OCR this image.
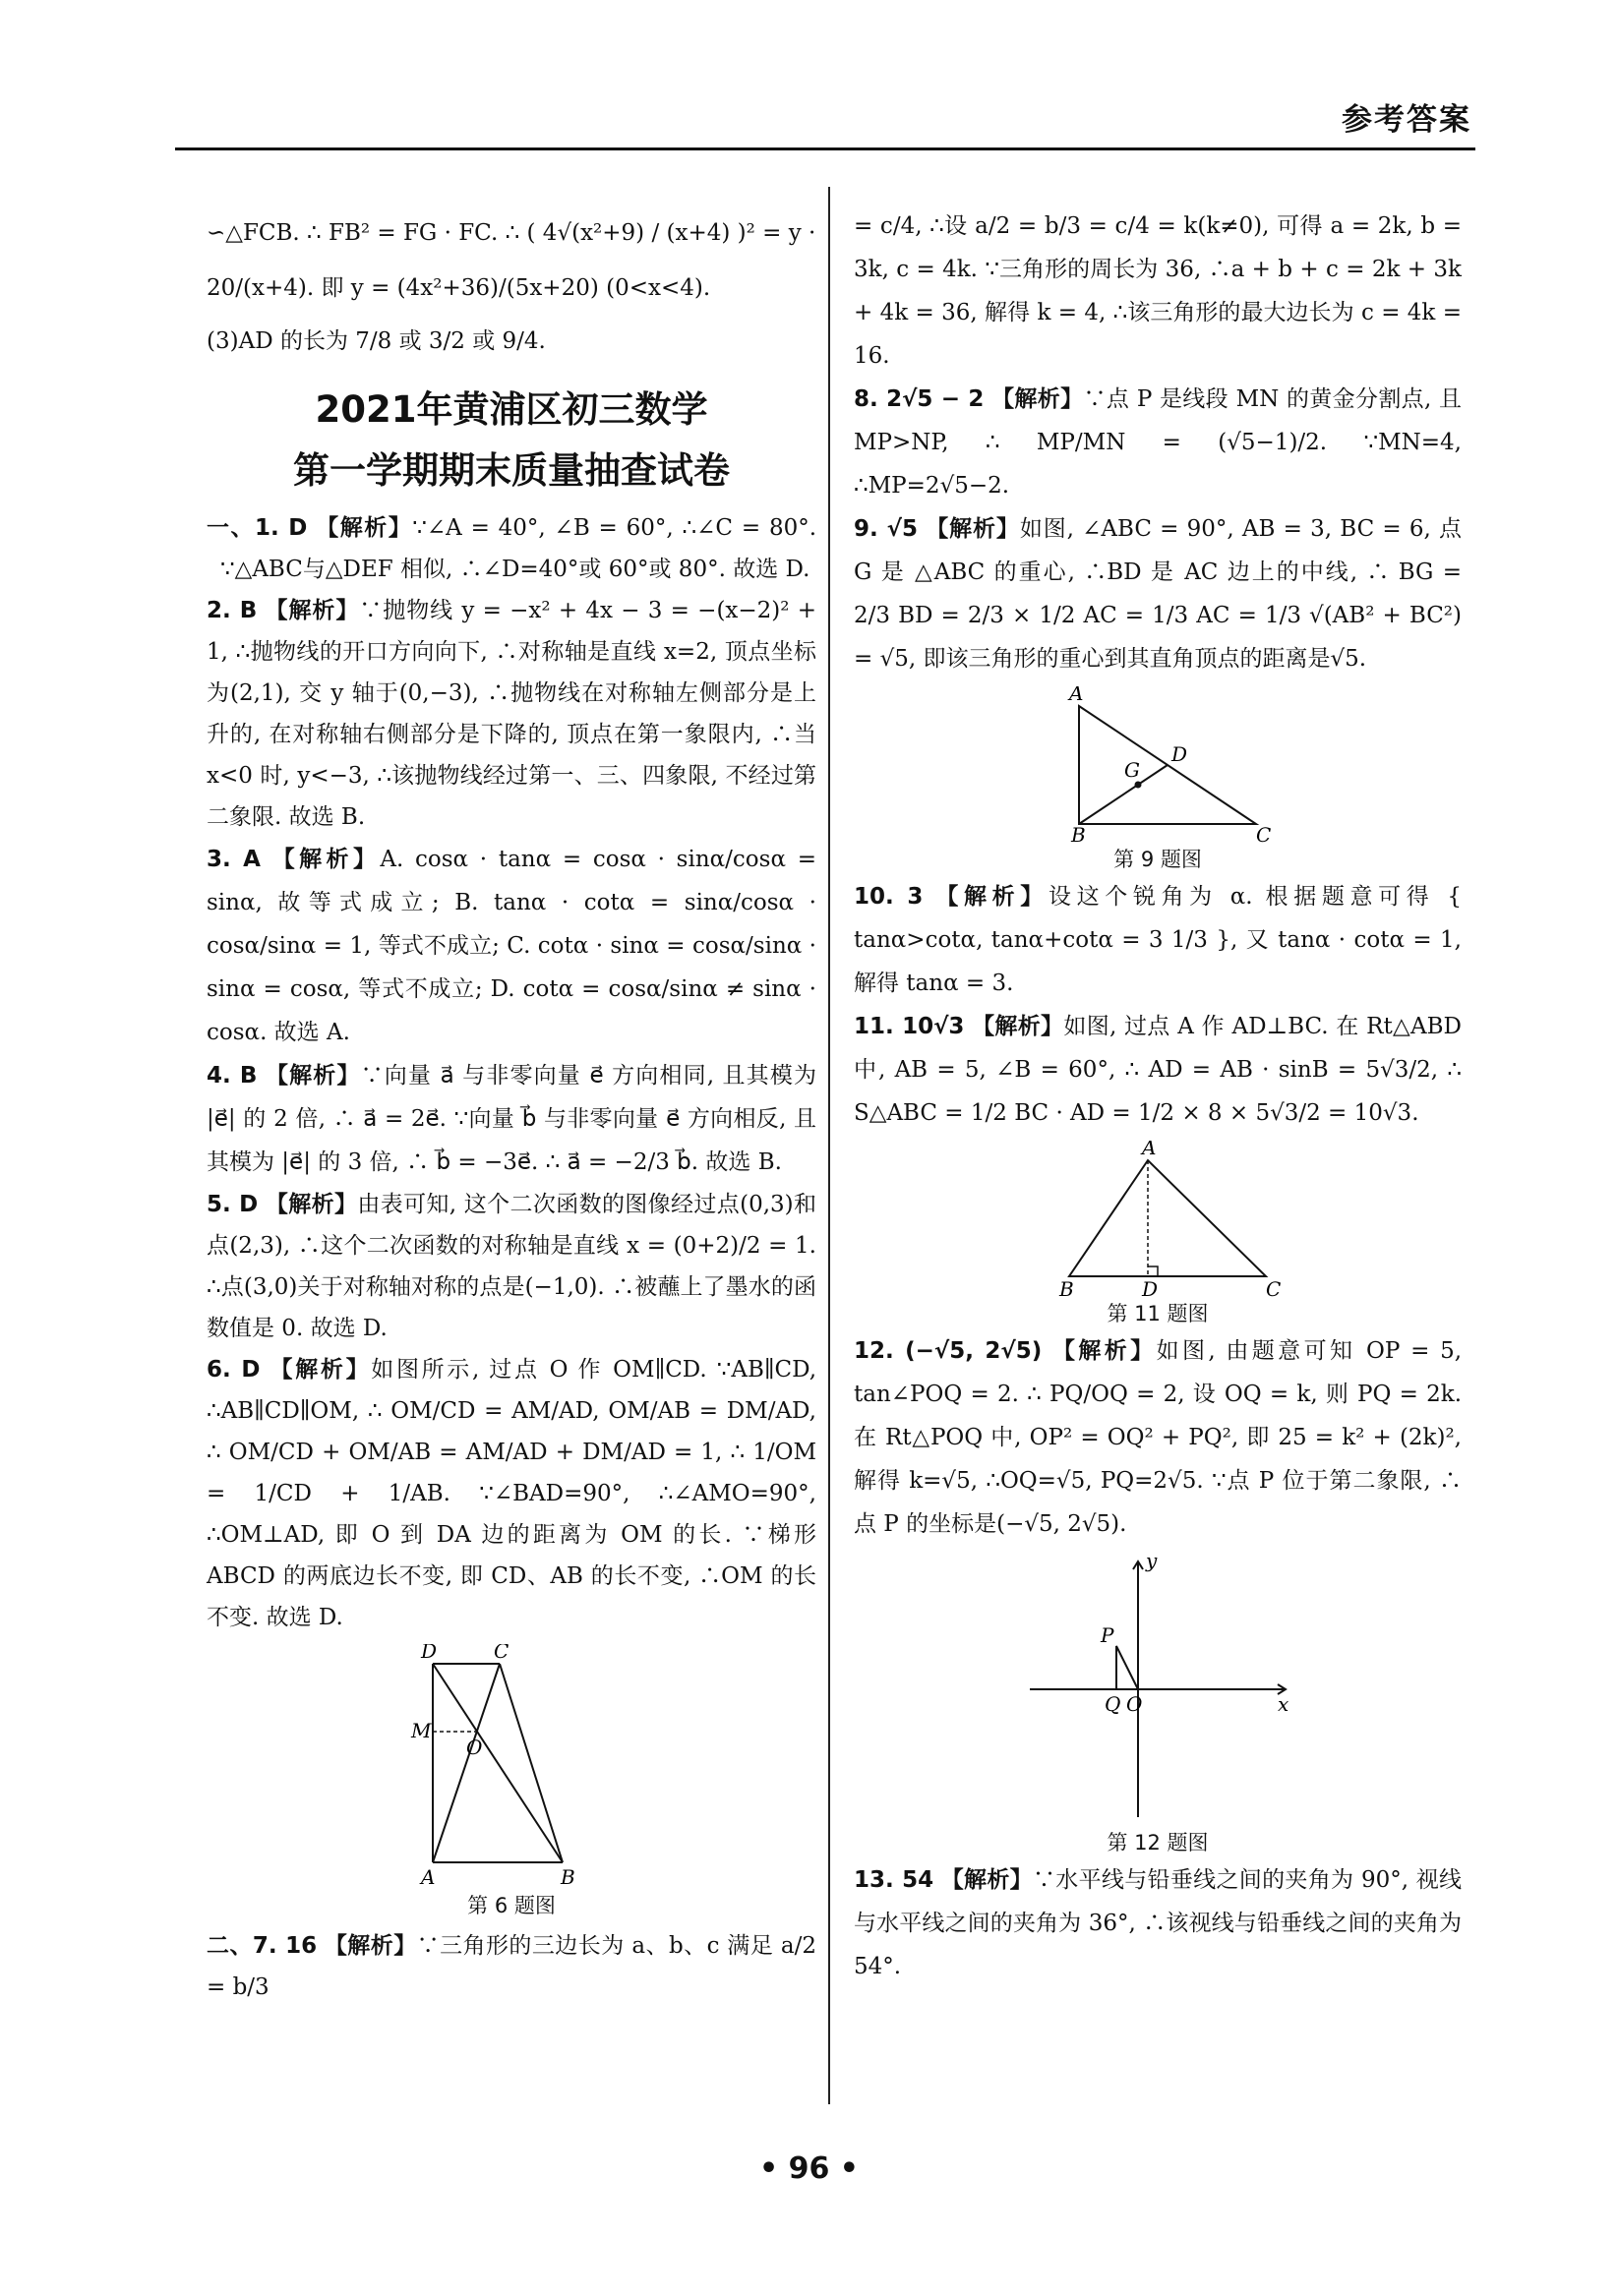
参考答案
∽△FCB. ∴ FB² = FG · FC. ∴ ( 4√(x²+9) / (x+4) )² = y ·
20/(x+4). 即 y = (4x²+36)/(5x+20) (0<x<4).
(3)AD 的长为 7/8 或 3/2 或 9/4.
2021年黄浦区初三数学
第一学期期末质量抽查试卷
一、1. D 【解析】∵∠A = 40°, ∠B = 60°, ∴∠C = 80°. ∵△ABC与△DEF 相似, ∴∠D=40°或 60°或 80°. 故选 D.
2. B 【解析】∵抛物线 y = −x² + 4x − 3 = −(x−2)² + 1, ∴抛物线的开口方向向下, ∴对称轴是直线 x=2, 顶点坐标为(2,1), 交 y 轴于(0,−3), ∴抛物线在对称轴左侧部分是上升的, 在对称轴右侧部分是下降的, 顶点在第一象限内, ∴当 x<0 时, y<−3, ∴该抛物线经过第一、三、四象限, 不经过第二象限. 故选 B.
3. A 【解析】A. cosα · tanα = cosα · sinα/cosα = sinα, 故等式成立; B. tanα · cotα = sinα/cosα · cosα/sinα = 1, 等式不成立; C. cotα · sinα = cosα/sinα · sinα = cosα, 等式不成立; D. cotα = cosα/sinα ≠ sinα · cosα. 故选 A.
4. B 【解析】∵向量 a⃗ 与非零向量 e⃗ 方向相同, 且其模为 |e⃗| 的 2 倍, ∴ a⃗ = 2e⃗. ∵向量 b⃗ 与非零向量 e⃗ 方向相反, 且其模为 |e⃗| 的 3 倍, ∴ b⃗ = −3e⃗. ∴ a⃗ = −2/3 b⃗. 故选 B.
5. D 【解析】由表可知, 这个二次函数的图像经过点(0,3)和点(2,3), ∴这个二次函数的对称轴是直线 x = (0+2)/2 = 1. ∴点(3,0)关于对称轴对称的点是(−1,0). ∴被蘸上了墨水的函数值是 0. 故选 D.
6. D 【解析】如图所示, 过点 O 作 OM∥CD. ∵AB∥CD, ∴AB∥CD∥OM, ∴ OM/CD = AM/AD, OM/AB = DM/AD, ∴ OM/CD + OM/AB = AM/AD + DM/AD = 1, ∴ 1/OM = 1/CD + 1/AB. ∵∠BAD=90°, ∴∠AMO=90°, ∴OM⊥AD, 即 O 到 DA 边的距离为 OM 的长. ∵梯形 ABCD 的两底边长不变, 即 CD、AB 的长不变, ∴OM 的长不变. 故选 D.
D	C
M
O
A	B
第 6 题图
二、7. 16 【解析】∵三角形的三边长为 a、b、c 满足 a/2 = b/3
= c/4, ∴设 a/2 = b/3 = c/4 = k(k≠0), 可得 a = 2k, b = 3k, c = 4k. ∵三角形的周长为 36, ∴a + b + c = 2k + 3k + 4k = 36, 解得 k = 4, ∴该三角形的最大边长为 c = 4k = 16.
8. 2√5 − 2 【解析】∵点 P 是线段 MN 的黄金分割点, 且 MP>NP, ∴ MP/MN = (√5−1)/2. ∵MN=4, ∴MP=2√5−2.
9. √5 【解析】如图, ∠ABC = 90°, AB = 3, BC = 6, 点 G 是 △ABC 的重心, ∴BD 是 AC 边上的中线, ∴ BG = 2/3 BD = 2/3 × 1/2 AC = 1/3 AC = 1/3 √(AB² + BC²) = √5, 即该三角形的重心到其直角顶点的距离是√5.
A
D
G
B	C
第 9 题图
10. 3 【解析】设这个锐角为 α. 根据题意可得 { tanα>cotα, tanα+cotα = 3 1/3 }, 又 tanα · cotα = 1, 解得 tanα = 3.
11. 10√3 【解析】如图, 过点 A 作 AD⊥BC. 在 Rt△ABD 中, AB = 5, ∠B = 60°, ∴ AD = AB · sinB = 5√3/2, ∴ S△ABC = 1/2 BC · AD = 1/2 × 8 × 5√3/2 = 10√3.
A
B	D	C
第 11 题图
12. (−√5, 2√5) 【解析】如图, 由题意可知 OP = 5, tan∠POQ = 2. ∴ PQ/OQ = 2, 设 OQ = k, 则 PQ = 2k. 在 Rt△POQ 中, OP² = OQ² + PQ², 即 25 = k² + (2k)², 解得 k=√5, ∴OQ=√5, PQ=2√5. ∵点 P 位于第二象限, ∴点 P 的坐标是(−√5, 2√5).
y
P
Q O	x
第 12 题图
13. 54 【解析】∵水平线与铅垂线之间的夹角为 90°, 视线与水平线之间的夹角为 36°, ∴该视线与铅垂线之间的夹角为 54°.
• 96 •
